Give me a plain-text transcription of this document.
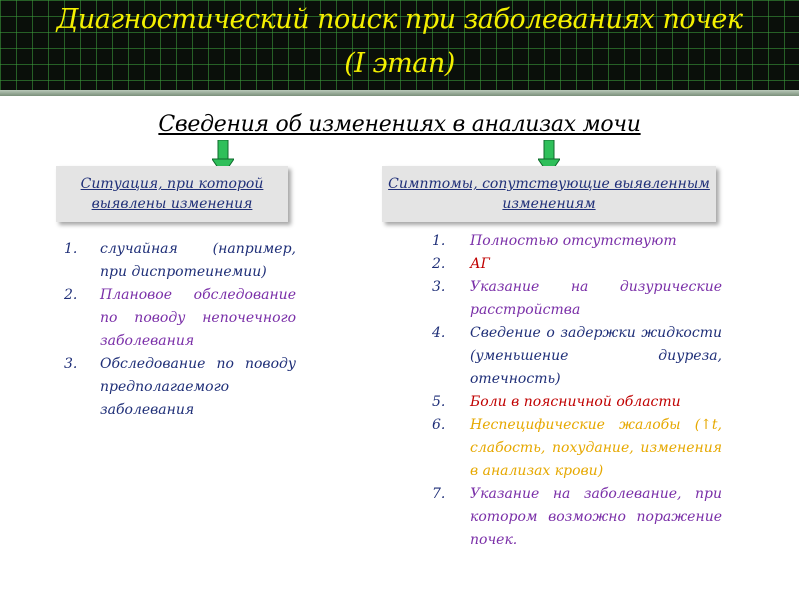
Диагностический поиск при заболеваниях почек
(I этап)
Сведения об изменениях в анализах мочи
Ситуация, при которой выявлены изменения
Симптомы, сопутствующие выявленным изменениям
1. случайная (например, при диспротеинемии)
2. Плановое обследование по поводу непочечного заболевания
3. Обследование по поводу предполагаемого заболевания
1. Полностью отсутствуют
2. АГ
3. Указание на дизурические расстройства
4. Сведение о задержки жидкости (уменьшение диуреза, отечность)
5. Боли в поясничной области
6. Неспецифические жалобы (↑t, слабость, похудание, изменения в анализах крови)
7. Указание на заболевание, при котором возможно поражение почек.
